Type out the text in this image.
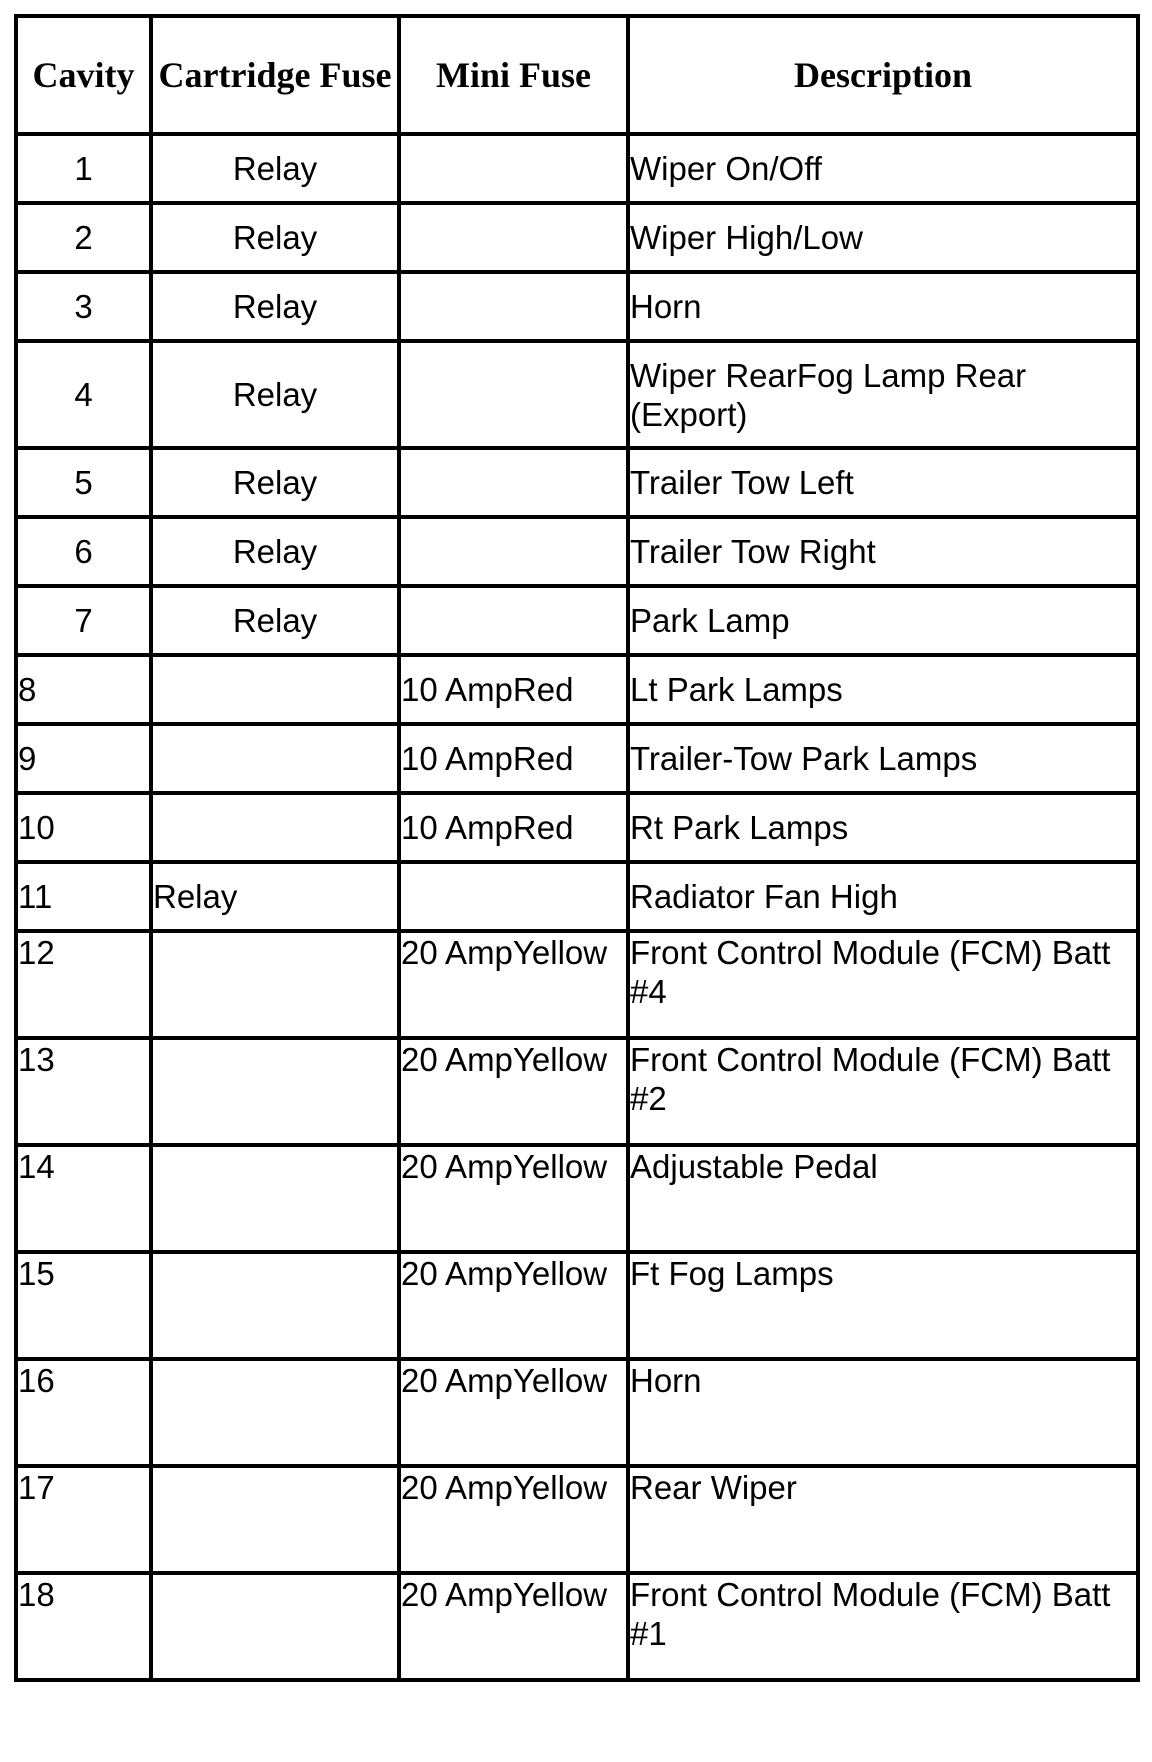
Cavity	Cartridge Fuse	Mini Fuse	Description
1	Relay		Wiper On/Off
2	Relay		Wiper High/Low
3	Relay		Horn
4	Relay		Wiper RearFog Lamp Rear (Export)
5	Relay		Trailer Tow Left
6	Relay		Trailer Tow Right
7	Relay		Park Lamp
8		10 AmpRed	Lt Park Lamps
9		10 AmpRed	Trailer-Tow Park Lamps
10		10 AmpRed	Rt Park Lamps
11	Relay		Radiator Fan High
12		20 AmpYellow	Front Control Module (FCM) Batt #4
13		20 AmpYellow	Front Control Module (FCM) Batt #2
14		20 AmpYellow	Adjustable Pedal
15		20 AmpYellow	Ft Fog Lamps
16		20 AmpYellow	Horn
17		20 AmpYellow	Rear Wiper
18		20 AmpYellow	Front Control Module (FCM) Batt #1
